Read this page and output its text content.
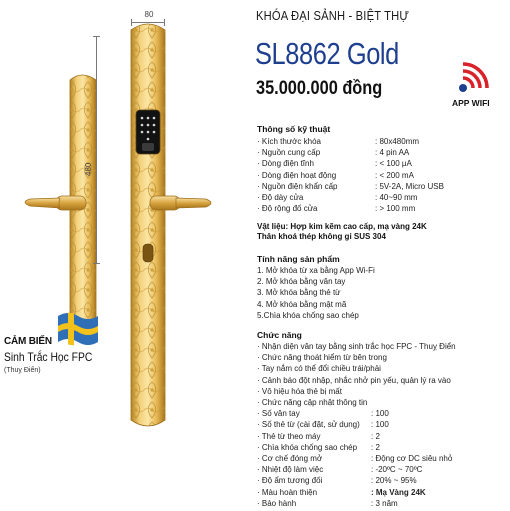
80
480
CẢM BIẾN
Sinh Trắc Học FPC
(Thuỵ Điển)
KHÓA ĐẠI SẢNH - BIỆT THỰ
SL8862 Gold
35.000.000 đồng
APP WIFI
Thông số kỹ thuật
· Kích thước khóa	: 80x480mm
· Nguồn cung cấp	: 4 pin AA
· Dòng điện tĩnh	: < 100 μA
· Dòng điện hoạt động	: < 200 mA
· Nguồn điện khẩn cấp	: 5V-2A, Micro USB
· Độ dày cửa	: 40~90 mm
· Độ rộng đố cửa	: > 100 mm
Vật liệu: Hợp kim kẽm cao cấp, mạ vàng 24K
Thân khoá thép không gỉ SUS 304
Tính năng sản phẩm
1. Mở khóa từ xa bằng App Wi-Fi
2. Mở khóa bằng vân tay
3. Mở khóa bằng thẻ từ
4. Mở khóa bằng mật mã
5.Chìa khóa chống sao chép
Chức năng
· Nhận diện vân tay bằng sinh trắc học FPC - Thuỵ Điển
· Chức năng thoát hiểm từ bên trong
· Tay nắm có thể đổi chiều trái/phải
· Cảnh báo đột nhập, nhắc nhở pin yếu, quản lý ra vào
· Vô hiệu hóa thẻ bị mất
· Chức năng cập nhật thông tin
· Số vân tay	: 100
· Số thẻ từ (cài đặt, sử dụng) : 100
· Thẻ từ theo máy	: 2
· Chìa khóa chống sao chép : 2
· Cơ chế đóng mở	: Động cơ DC siêu nhỏ
· Nhiệt độ làm việc	: -20ºC ~ 70ºC
· Độ ẩm tương đối	: 20% ~ 95%
· Màu hoàn thiện	: Mạ Vàng 24K
· Bảo hành	: 3 năm
